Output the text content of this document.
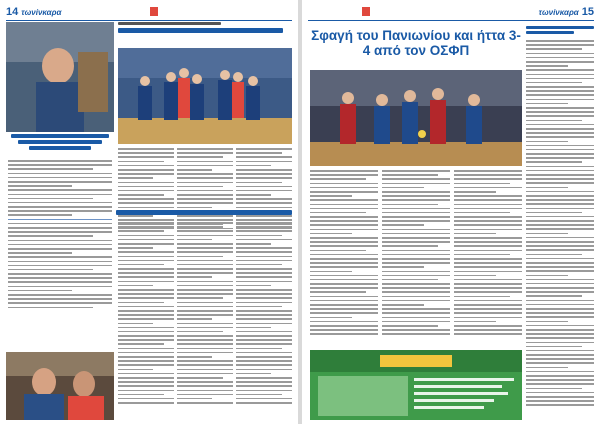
14 τωνίνκαρα	τωνίνκαρα 15
Σφαγή του Πανιωνίου και ήττα 3-4 από τον ΟΣΦΠ
